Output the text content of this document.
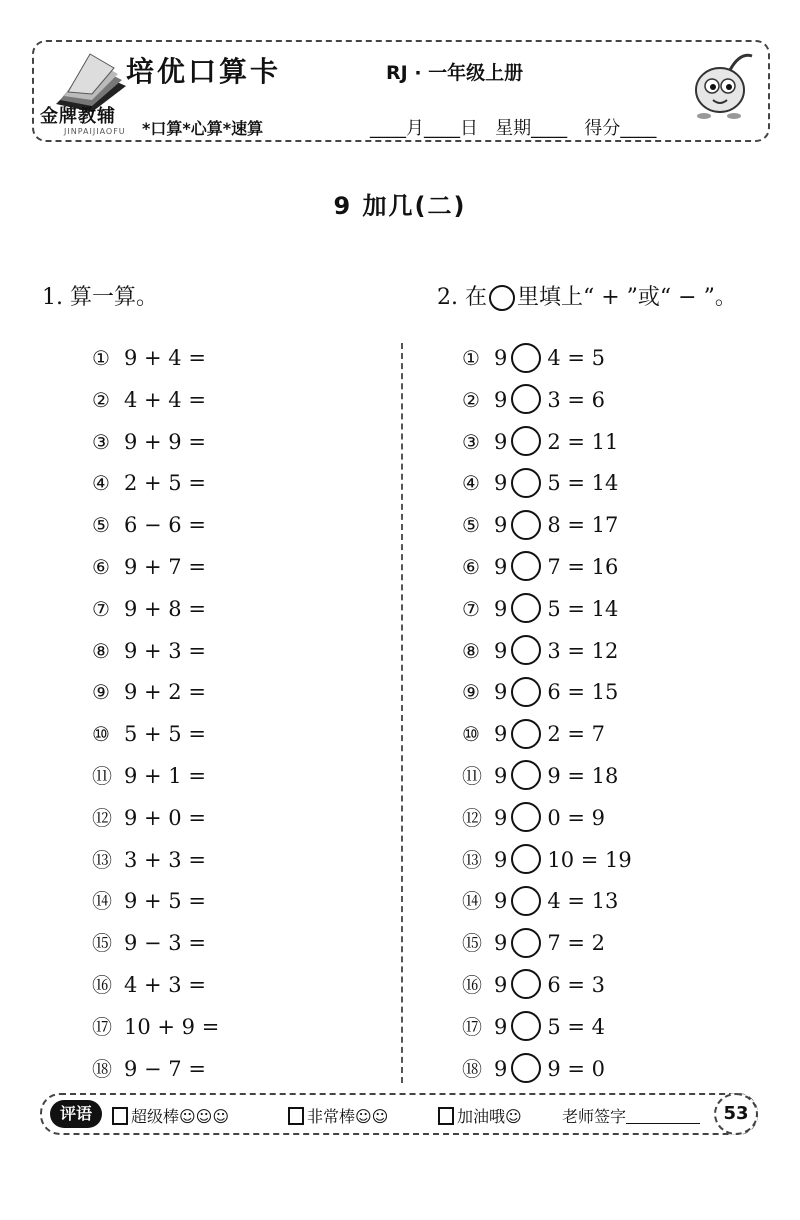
金牌教辅
JINPAIJIAOFU
培优口算卡	RJ · 一年级上册
*口算*心算*速算	____月____日   星期____   得分____
9 加几(二)
1. 算一算。	2. 在 里填上“ + ”或“ − ”。
① 9 + 4 =
② 4 + 4 =
③ 9 + 9 =
④ 2 + 5 =
⑤ 6 − 6 =
⑥ 9 + 7 =
⑦ 9 + 8 =
⑧ 9 + 3 =
⑨ 9 + 2 =
⑩ 5 + 5 =
⑪ 9 + 1 =
⑫ 9 + 0 =
⑬ 3 + 3 =
⑭ 9 + 5 =
⑮ 9 − 3 =
⑯ 4 + 3 =
⑰ 10 + 9 =
⑱ 9 − 7 =
① 9 4 = 5
② 9 3 = 6
③ 9 2 = 11
④ 9 5 = 14
⑤ 9 8 = 17
⑥ 9 7 = 16
⑦ 9 5 = 14
⑧ 9 3 = 12
⑨ 9 6 = 15
⑩ 9 2 = 7
⑪ 9 9 = 18
⑫ 9 0 = 9
⑬ 9 10 = 19
⑭ 9 4 = 13
⑮ 9 7 = 2
⑯ 9 6 = 3
⑰ 9 5 = 4
⑱ 9 9 = 0
评语	超级棒☺☺☺	非常棒☺☺	加油哦☺	老师签字	53
